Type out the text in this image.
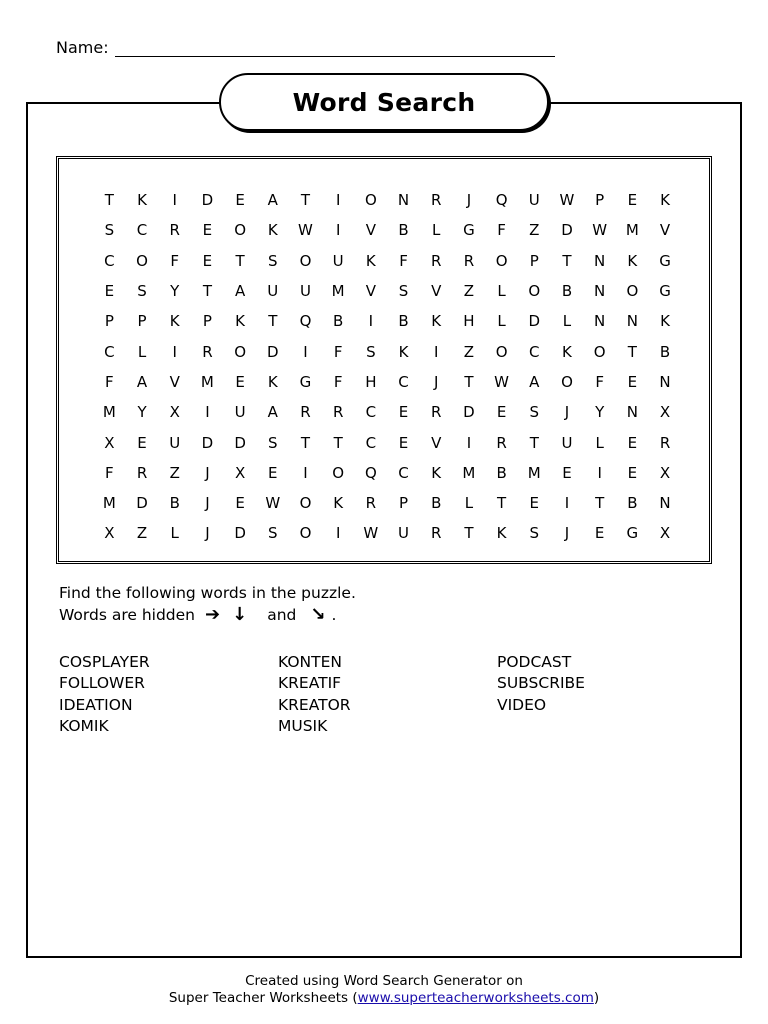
Name:
Word Search
T	K	I	D	E	A	T	I	O	N	R	J	Q	U	W	P	E	K
S	C	R	E	O	K	W	I	V	B	L	G	F	Z	D	W	M	V
C	O	F	E	T	S	O	U	K	F	R	R	O	P	T	N	K	G
E	S	Y	T	A	U	U	M	V	S	V	Z	L	O	B	N	O	G
P	P	K	P	K	T	Q	B	I	B	K	H	L	D	L	N	N	K
C	L	I	R	O	D	I	F	S	K	I	Z	O	C	K	O	T	B
F	A	V	M	E	K	G	F	H	C	J	T	W	A	O	F	E	N
M	Y	X	I	U	A	R	R	C	E	R	D	E	S	J	Y	N	X
X	E	U	D	D	S	T	T	C	E	V	I	R	T	U	L	E	R
F	R	Z	J	X	E	I	O	Q	C	K	M	B	M	E	I	E	X
M	D	B	J	E	W	O	K	R	P	B	L	T	E	I	T	B	N
X	Z	L	J	D	S	O	I	W	U	R	T	K	S	J	E	G	X
Find the following words in the puzzle.
Words are hidden ➔ ↓ and ↘ .
COSPLAYER
FOLLOWER
IDEATION
KOMIK
KONTEN
KREATIF
KREATOR
MUSIK
PODCAST
SUBSCRIBE
VIDEO
Created using Word Search Generator on
Super Teacher Worksheets (www.superteacherworksheets.com)
